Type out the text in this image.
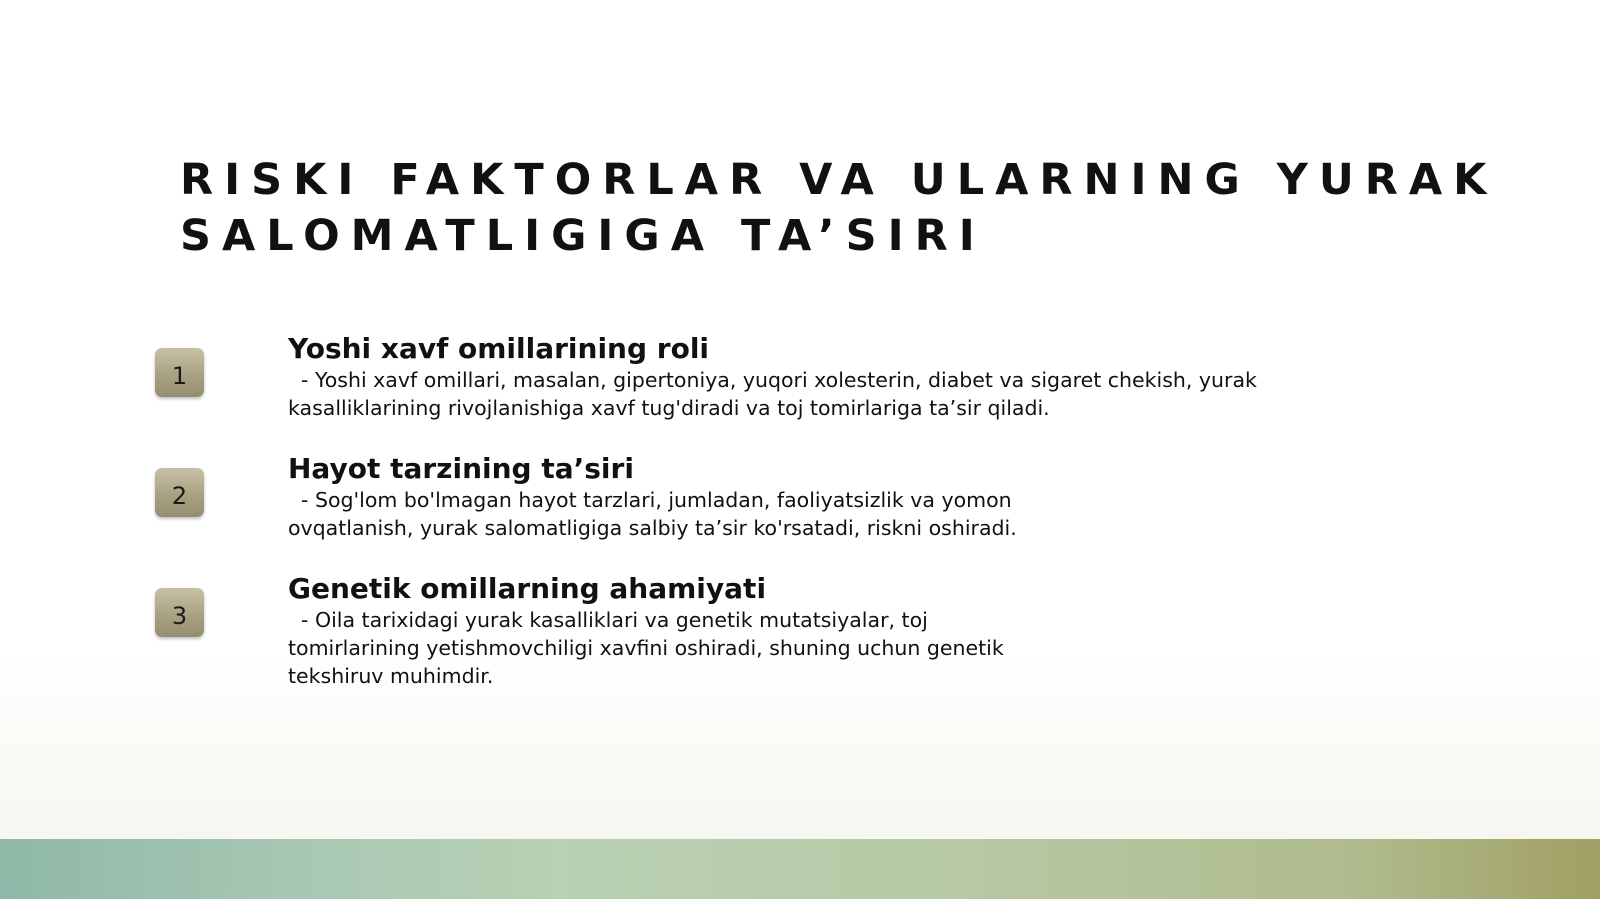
RISKI FAKTORLAR VA ULARNING YURAK
SALOMATLIGIGA TA’SIRI
1

Yoshi xavf omillarining roli

- Yoshi xavf omillari, masalan, gipertoniya, yuqori xolesterin, diabet va sigaret chekish, yurak
kasalliklarining rivojlanishiga xavf tug'diradi va toj tomirlariga ta’sir qiladi.

2

Hayot tarzining ta’siri

- Sog'lom bo'lmagan hayot tarzlari, jumladan, faoliyatsizlik va yomon
ovqatlanish, yurak salomatligiga salbiy ta’sir ko'rsatadi, riskni oshiradi.

3

Genetik omillarning ahamiyati

- Oila tarixidagi yurak kasalliklari va genetik mutatsiyalar, toj
tomirlarining yetishmovchiligi xavfini oshiradi, shuning uchun genetik
tekshiruv muhimdir.
